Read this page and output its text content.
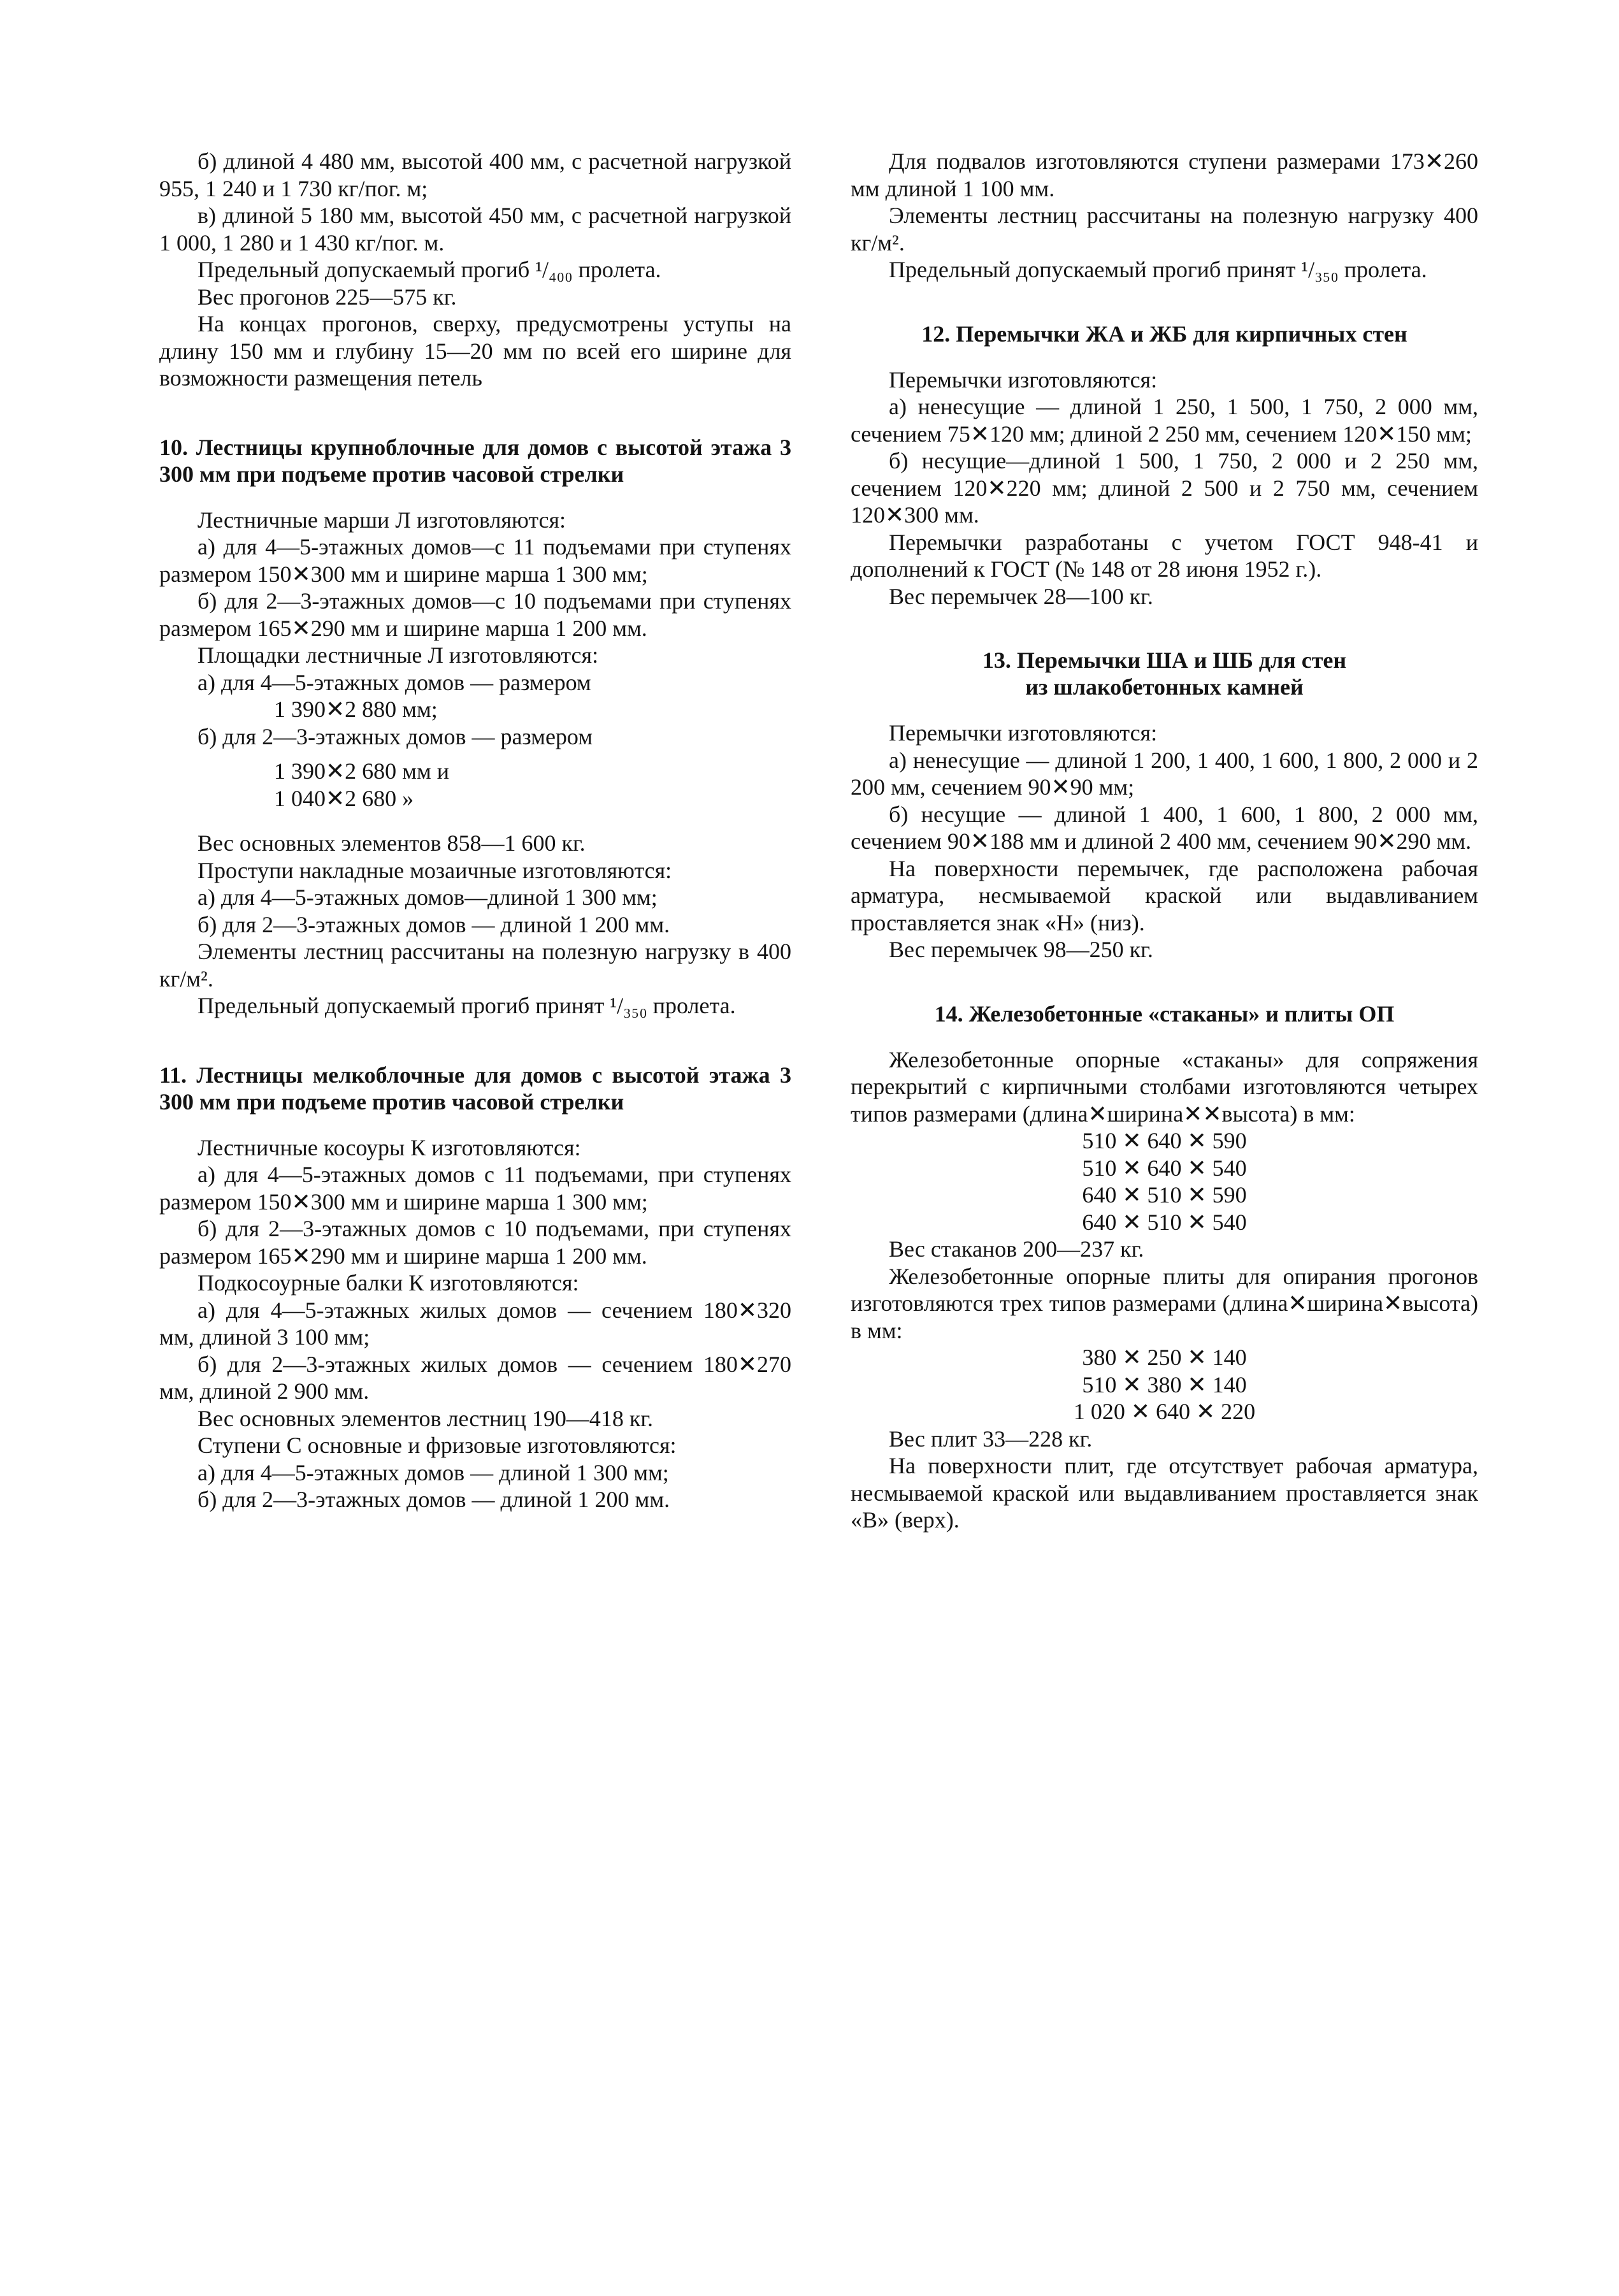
б) длиной 4 480 мм, высотой 400 мм, с расчетной нагрузкой 955, 1 240 и 1 730 кг/пог. м;

в) длиной 5 180 мм, высотой 450 мм, с расчетной нагрузкой 1 000, 1 280 и 1 430 кг/пог. м.

Предельный допускаемый прогиб ¹/₄₀₀ пролета.

Вес прогонов 225—575 кг.

На концах прогонов, сверху, предусмотрены уступы на длину 150 мм и глубину 15—20 мм по всей его ширине для возможности размещения петель

10. Лестницы крупноблочные для домов с высотой этажа 3 300 мм при подъеме против часовой стрелки

Лестничные марши Л изготовляются:

а) для 4—5-этажных домов—с 11 подъемами при ступенях размером 150✕300 мм и ширине марша 1 300 мм;

б) для 2—3-этажных домов—с 10 подъемами при ступенях размером 165✕290 мм и ширине марша 1 200 мм.

Площадки лестничные Л изготовляются:

а) для 4—5-этажных домов — размером

1 390✕2 880 мм;

б) для 2—3-этажных домов — размером

1 390✕2 680 мм и

1 040✕2 680 »

Вес основных элементов 858—1 600 кг.

Проступи накладные мозаичные изготовляются:

а) для 4—5-этажных домов—длиной 1 300 мм;

б) для 2—3-этажных домов — длиной 1 200 мм.

Элементы лестниц рассчитаны на полезную нагрузку в 400 кг/м².

Предельный допускаемый прогиб принят ¹/₃₅₀ пролета.

11. Лестницы мелкоблочные для домов с высотой этажа 3 300 мм при подъеме против часовой стрелки

Лестничные косоуры К изготовляются:

а) для 4—5-этажных домов с 11 подъемами, при ступенях размером 150✕300 мм и ширине марша 1 300 мм;

б) для 2—3-этажных домов с 10 подъемами, при ступенях размером 165✕290 мм и ширине марша 1 200 мм.

Подкосоурные балки К изготовляются:

а) для 4—5-этажных жилых домов — сечением 180✕320 мм, длиной 3 100 мм;

б) для 2—3-этажных жилых домов — сечением 180✕270 мм, длиной 2 900 мм.

Вес основных элементов лестниц 190—418 кг.

Ступени С основные и фризовые изготовляются:

а) для 4—5-этажных домов — длиной 1 300 мм;

б) для 2—3-этажных домов — длиной 1 200 мм.

Для подвалов изготовляются ступени размерами 173✕260 мм длиной 1 100 мм.

Элементы лестниц рассчитаны на полезную нагрузку 400 кг/м².

Предельный допускаемый прогиб принят ¹/₃₅₀ пролета.

12. Перемычки ЖА и ЖБ для кирпичных стен

Перемычки изготовляются:

а) ненесущие — длиной 1 250, 1 500, 1 750, 2 000 мм, сечением 75✕120 мм; длиной 2 250 мм, сечением 120✕150 мм;

б) несущие—длиной 1 500, 1 750, 2 000 и 2 250 мм, сечением 120✕220 мм; длиной 2 500 и 2 750 мм, сечением 120✕300 мм.

Перемычки разработаны с учетом ГОСТ 948-41 и дополнений к ГОСТ (№ 148 от 28 июня 1952 г.).

Вес перемычек 28—100 кг.

13. Перемычки ША и ШБ для стен

из шлакобетонных камней

Перемычки изготовляются:

а) ненесущие — длиной 1 200, 1 400, 1 600, 1 800, 2 000 и 2 200 мм, сечением 90✕90 мм;

б) несущие — длиной 1 400, 1 600, 1 800, 2 000 мм, сечением 90✕188 мм и длиной 2 400 мм, сечением 90✕290 мм.

На поверхности перемычек, где расположена рабочая арматура, несмываемой краской или выдавливанием проставляется знак «Н» (низ).

Вес перемычек 98—250 кг.

14. Железобетонные «стаканы» и плиты ОП

Железобетонные опорные «стаканы» для сопряжения перекрытий с кирпичными столбами изготовляются четырех типов размерами (длина✕ширина✕✕высота) в мм:

510 ✕ 640 ✕ 590

510 ✕ 640 ✕ 540

640 ✕ 510 ✕ 590

640 ✕ 510 ✕ 540

Вес стаканов 200—237 кг.

Железобетонные опорные плиты для опирания прогонов изготовляются трех типов размерами (длина✕ширина✕высота) в мм:

380 ✕ 250 ✕ 140

510 ✕ 380 ✕ 140

1 020 ✕ 640 ✕ 220

Вес плит 33—228 кг.

На поверхности плит, где отсутствует рабочая арматура, несмываемой краской или выдавливанием проставляется знак «В» (верх).
